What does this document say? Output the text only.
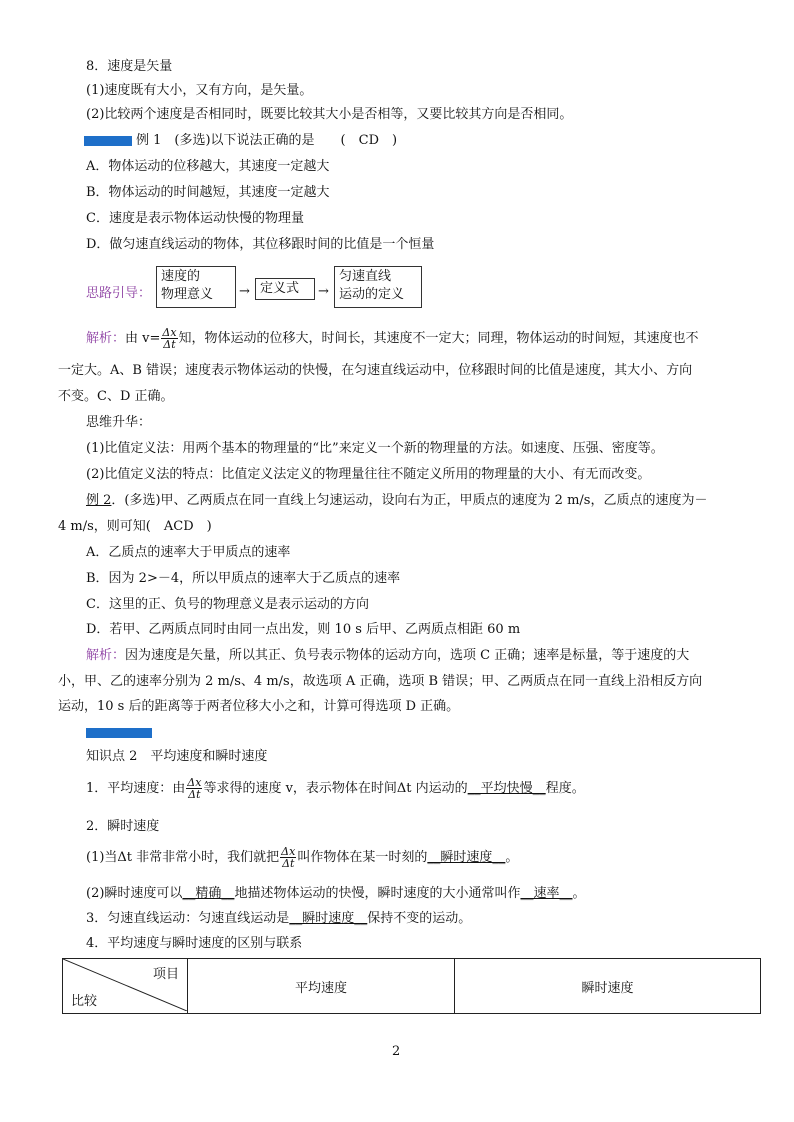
8．速度是矢量
(1)速度既有大小，又有方向，是矢量。
(2)比较两个速度是否相同时，既要比较其大小是否相等，又要比较其方向是否相同。
例 1　(多选)以下说法正确的是　　(　CD　)
A．物体运动的位移越大，其速度一定越大
B．物体运动的时间越短，其速度一定越大
C．速度是表示物体运动快慢的物理量
D．做匀速直线运动的物体，其位移跟时间的比值是一个恒量
思路引导：
速度的
物理意义	→ 定义式	→
匀速直线
运动的定义
解析：由 $v= \frac{\Delta x}{\Delta t}$ 知，物体运动的位移大，时间长，其速度不一定大；同理，物体运动的时间短，其速度也不
一定大。A、B 错误；速度表示物体运动的快慢，在匀速直线运动中，位移跟时间的比值是速度，其大小、方向
不变。C、D 正确。
思维升华：
(1)比值定义法：用两个基本的物理量的“比”来定义一个新的物理量的方法。如速度、压强、密度等。
(2)比值定义法的特点：比值定义法定义的物理量往往不随定义所用的物理量的大小、有无而改变。
例 2．(多选)甲、乙两质点在同一直线上匀速运动，设向右为正，甲质点的速度为 2 m/s，乙质点的速度为－
4 m/s，则可知(　ACD　)
A．乙质点的速率大于甲质点的速率
B．因为 2>－4，所以甲质点的速率大于乙质点的速率
C．这里的正、负号的物理意义是表示运动的方向
D．若甲、乙两质点同时由同一点出发，则 10 s 后甲、乙两质点相距 60 m
解析：因为速度是矢量，所以其正、负号表示物体的运动方向，选项 C 正确；速率是标量，等于速度的大
小，甲、乙的速率分别为 2 m/s、4 m/s，故选项 A 正确，选项 B 错误；甲、乙两质点在同一直线上沿相反方向
运动，10 s 后的距离等于两者位移大小之和，计算可得选项 D 正确。
知识点 2　平均速度和瞬时速度
1．平均速度：由 $\frac{\Delta x}{\Delta t}$ 等求得的速度 v，表示物体在时间Δt 内运动的__平均快慢__程度。
2．瞬时速度
(1)当Δt 非常非常小时，我们就把 $\frac{\Delta x}{\Delta t}$ 叫作物体在某一时刻的__瞬时速度__。
(2)瞬时速度可以__精确__地描述物体运动的快慢，瞬时速度的大小通常叫作__速率__。
3．匀速直线运动：匀速直线运动是__瞬时速度__保持不变的运动。
4．平均速度与瞬时速度的区别与联系
项目
比较
	平均速度	瞬时速度
2
